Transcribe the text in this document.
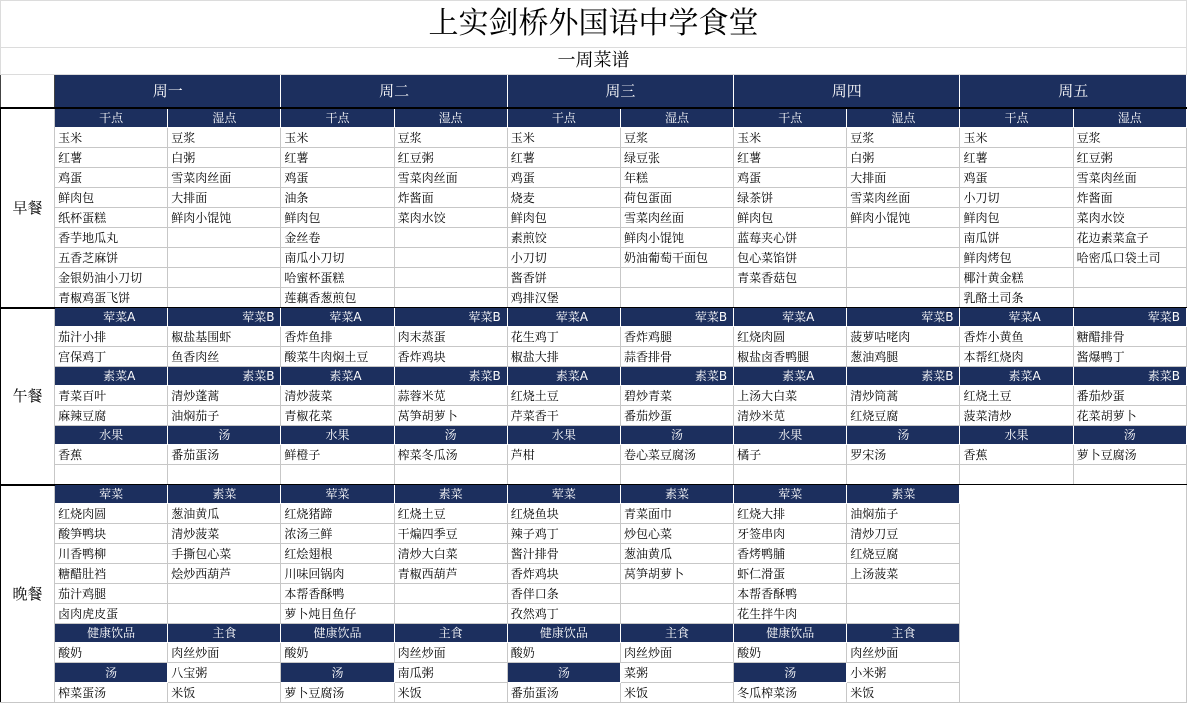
上实剑桥外国语中学食堂										
一周菜谱										
	周一		周二		周三		周四		周五	
早餐	干点	湿点	干点	湿点	干点	湿点	干点	湿点	干点	湿点
	玉米	豆浆	玉米	豆浆	玉米	豆浆	玉米	豆浆	玉米	豆浆
	红薯	白粥	红薯	红豆粥	红薯	绿豆张	红薯	白粥	红薯	红豆粥
	鸡蛋	雪菜肉丝面	鸡蛋	雪菜肉丝面	鸡蛋	年糕	鸡蛋	大排面	鸡蛋	雪菜肉丝面
	鲜肉包	大排面	油条	炸酱面	烧麦	荷包蛋面	绿茶饼	雪菜肉丝面	小刀切	炸酱面
	纸杯蛋糕	鲜肉小馄饨	鲜肉包	菜肉水饺	鲜肉包	雪菜肉丝面	鲜肉包	鲜肉小馄饨	鲜肉包	菜肉水饺
	香芋地瓜丸		金丝卷		素煎饺	鲜肉小馄饨	蓝莓夹心饼		南瓜饼	花边素菜盒子
	五香芝麻饼		南瓜小刀切		小刀切	奶油葡萄干面包	包心菜馅饼		鲜肉烤包	哈密瓜口袋土司
	金银奶油小刀切		哈蜜杯蛋糕		酱香饼		青菜香菇包		椰汁黄金糕	
	青椒鸡蛋飞饼		莲藕香葱煎包		鸡排汉堡				乳酪土司条	
午餐	荤菜A	荤菜B	荤菜A	荤菜B	荤菜A	荤菜B	荤菜A	荤菜B	荤菜A	荤菜B
	茄汁小排	椒盐基围虾	香炸鱼排	肉末蒸蛋	花生鸡丁	香炸鸡腿	红烧肉圆	菠萝咕咾肉	香炸小黄鱼	糖醋排骨
	宫保鸡丁	鱼香肉丝	酸菜牛肉焖土豆	香炸鸡块	椒盐大排	蒜香排骨	椒盐卤香鸭腿	葱油鸡腿	本帮红烧肉	酱爆鸭丁
	素菜A	素菜B	素菜A	素菜B	素菜A	素菜B	素菜A	素菜B	素菜A	素菜B
	青菜百叶	清炒蓬蒿	清炒菠菜	蒜蓉米苋	红烧土豆	碧炒青菜	上汤大白菜	清炒筒蒿	红烧土豆	番茄炒蛋
	麻辣豆腐	油焖茄子	青椒花菜	莴笋胡萝卜	芹菜香干	番茄炒蛋	清炒米苋	红烧豆腐	菠菜清炒	花菜胡萝卜
	水果	汤	水果	汤	水果	汤	水果	汤	水果	汤
	香蕉	番茄蛋汤	鲜橙子	榨菜冬瓜汤	芦柑	卷心菜豆腐汤	橘子	罗宋汤	香蕉	萝卜豆腐汤

晚餐	荤菜	素菜	荤菜	素菜	荤菜	素菜	荤菜	素菜		
	红烧肉圆	葱油黄瓜	红烧猪蹄	红烧土豆	红烧鱼块	青菜面巾	红烧大排	油焖茄子		
	酸笋鸭块	清炒菠菜	浓汤三鲜	干煸四季豆	辣子鸡丁	炒包心菜	牙签串肉	清炒刀豆		
	川香鸭柳	手撕包心菜	红烩翅根	清炒大白菜	酱汁排骨	葱油黄瓜	香烤鸭脯	红烧豆腐		
	糖醋肚裆	烩炒西葫芦	川味回锅肉	青椒西葫芦	香炸鸡块	莴笋胡萝卜	虾仁滑蛋	上汤菠菜		
	茄汁鸡腿		本帮香酥鸭		香伴口条		本帮香酥鸭			
	卤肉虎皮蛋		萝卜炖目鱼仔		孜然鸡丁		花生拌牛肉			
	健康饮品	主食	健康饮品	主食	健康饮品	主食	健康饮品	主食		
	酸奶	肉丝炒面	酸奶	肉丝炒面	酸奶	肉丝炒面	酸奶	肉丝炒面		
	汤	八宝粥	汤	南瓜粥	汤	菜粥	汤	小米粥		
	榨菜蛋汤	米饭	萝卜豆腐汤	米饭	番茄蛋汤	米饭	冬瓜榨菜汤	米饭		
